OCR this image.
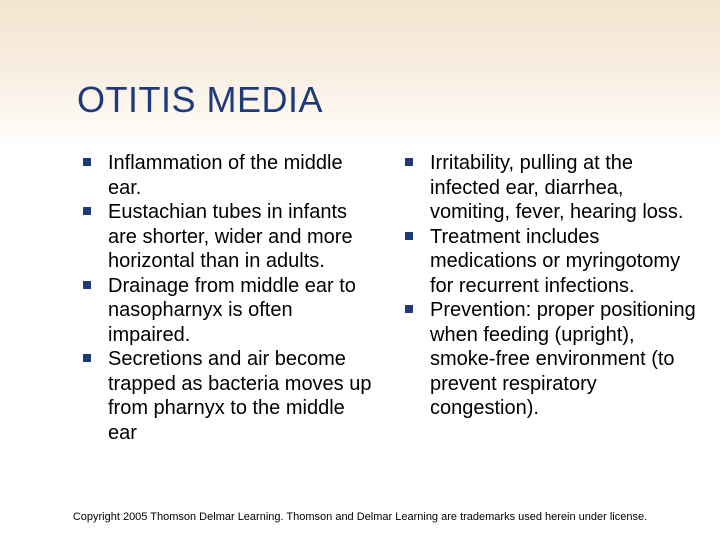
OTITIS MEDIA
Inflammation of the middle ear.
Eustachian tubes in infants are shorter, wider and more horizontal than in adults.
Drainage from middle ear to nasopharnyx is often impaired.
Secretions and air become trapped as bacteria moves up from pharnyx to the middle ear
Irritability, pulling at the infected ear, diarrhea, vomiting, fever, hearing loss.
Treatment includes medications or myringotomy for recurrent infections.
Prevention: proper positioning when feeding (upright), smoke-free environment (to prevent respiratory congestion).
Copyright 2005 Thomson Delmar Learning. Thomson and Delmar Learning are trademarks used herein under license.
